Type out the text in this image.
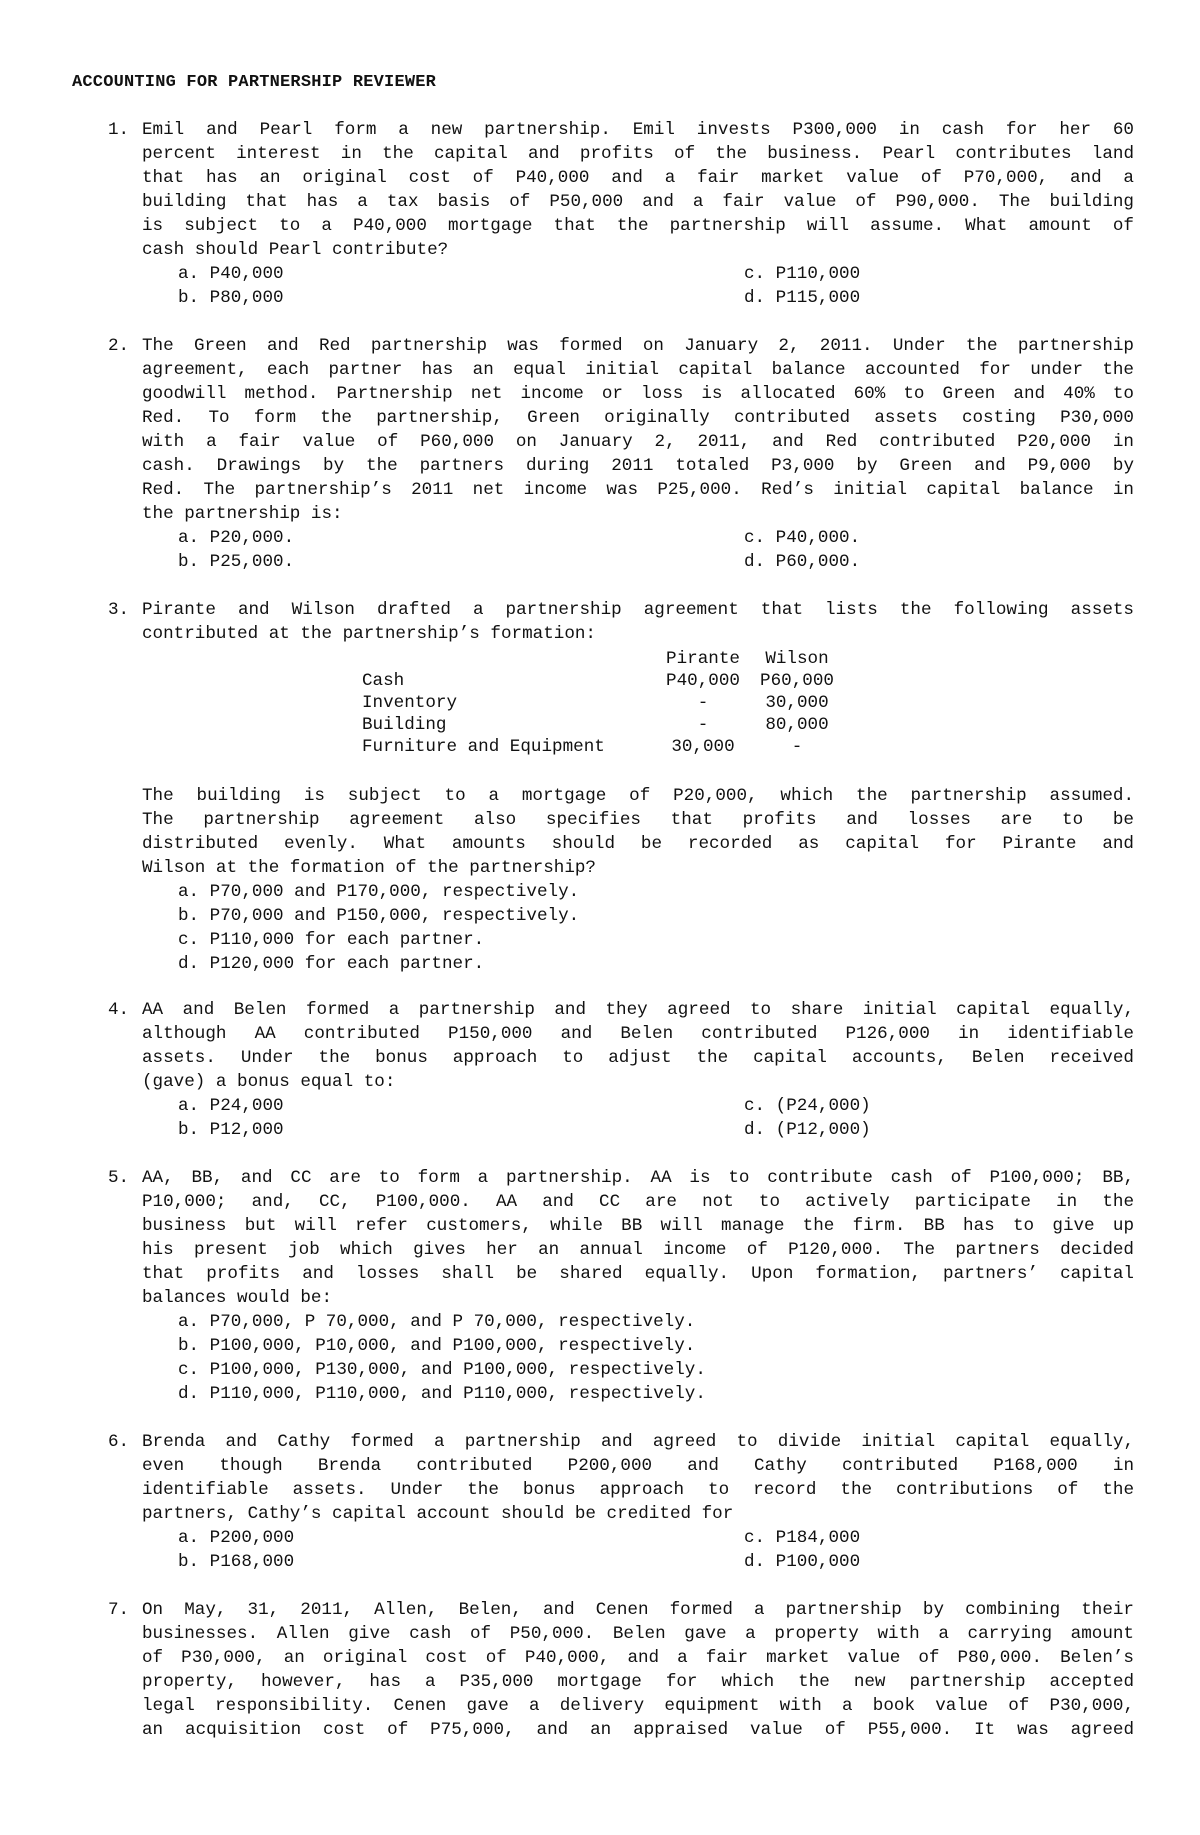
ACCOUNTING FOR PARTNERSHIP REVIEWER
1. Emil and Pearl form a new partnership. Emil invests P300,000 in cash for her 60
percent interest in the capital and profits of the business. Pearl contributes land
that has an original cost of P40,000 and a fair market value of P70,000, and a
building that has a tax basis of P50,000 and a fair value of P90,000. The building
is subject to a P40,000 mortgage that the partnership will assume. What amount of
cash should Pearl contribute?
a. P40,000
b. P80,000
c. P110,000
d. P115,000
2. The Green and Red partnership was formed on January 2, 2011. Under the partnership
agreement, each partner has an equal initial capital balance accounted for under the
goodwill method. Partnership net income or loss is allocated 60% to Green and 40% to
Red. To form the partnership, Green originally contributed assets costing P30,000
with a fair value of P60,000 on January 2, 2011, and Red contributed P20,000 in
cash. Drawings by the partners during 2011 totaled P3,000 by Green and P9,000 by
Red. The partnership’s 2011 net income was P25,000. Red’s initial capital balance in
the partnership is:
a. P20,000.
b. P25,000.
c. P40,000.
d. P60,000.
3. Pirante and Wilson drafted a partnership agreement that lists the following assets
contributed at the partnership’s formation:
	Pirante	Wilson
Cash	P40,000	P60,000
Inventory	-	30,000
Building	-	80,000
Furniture and Equipment	30,000	-
The building is subject to a mortgage of P20,000, which the partnership assumed.
The partnership agreement also specifies that profits and losses are to be
distributed evenly. What amounts should be recorded as capital for Pirante and
Wilson at the formation of the partnership?
a. P70,000 and P170,000, respectively.
b. P70,000 and P150,000, respectively.
c. P110,000 for each partner.
d. P120,000 for each partner.
4. AA and Belen formed a partnership and they agreed to share initial capital equally,
although AA contributed P150,000 and Belen contributed P126,000 in identifiable
assets. Under the bonus approach to adjust the capital accounts, Belen received
(gave) a bonus equal to:
a. P24,000
b. P12,000
c. (P24,000)
d. (P12,000)
5. AA, BB, and CC are to form a partnership. AA is to contribute cash of P100,000; BB,
P10,000; and, CC, P100,000. AA and CC are not to actively participate in the
business but will refer customers, while BB will manage the firm. BB has to give up
his present job which gives her an annual income of P120,000. The partners decided
that profits and losses shall be shared equally. Upon formation, partners’ capital
balances would be:
a. P70,000, P 70,000, and P 70,000, respectively.
b. P100,000, P10,000, and P100,000, respectively.
c. P100,000, P130,000, and P100,000, respectively.
d. P110,000, P110,000, and P110,000, respectively.
6. Brenda and Cathy formed a partnership and agreed to divide initial capital equally,
even though Brenda contributed P200,000 and Cathy contributed P168,000 in
identifiable assets. Under the bonus approach to record the contributions of the
partners, Cathy’s capital account should be credited for
a. P200,000
b. P168,000
c. P184,000
d. P100,000
7. On May, 31, 2011, Allen, Belen, and Cenen formed a partnership by combining their
businesses. Allen give cash of P50,000. Belen gave a property with a carrying amount
of P30,000, an original cost of P40,000, and a fair market value of P80,000. Belen’s
property, however, has a P35,000 mortgage for which the new partnership accepted
legal responsibility. Cenen gave a delivery equipment with a book value of P30,000,
an acquisition cost of P75,000, and an appraised value of P55,000. It was agreed
